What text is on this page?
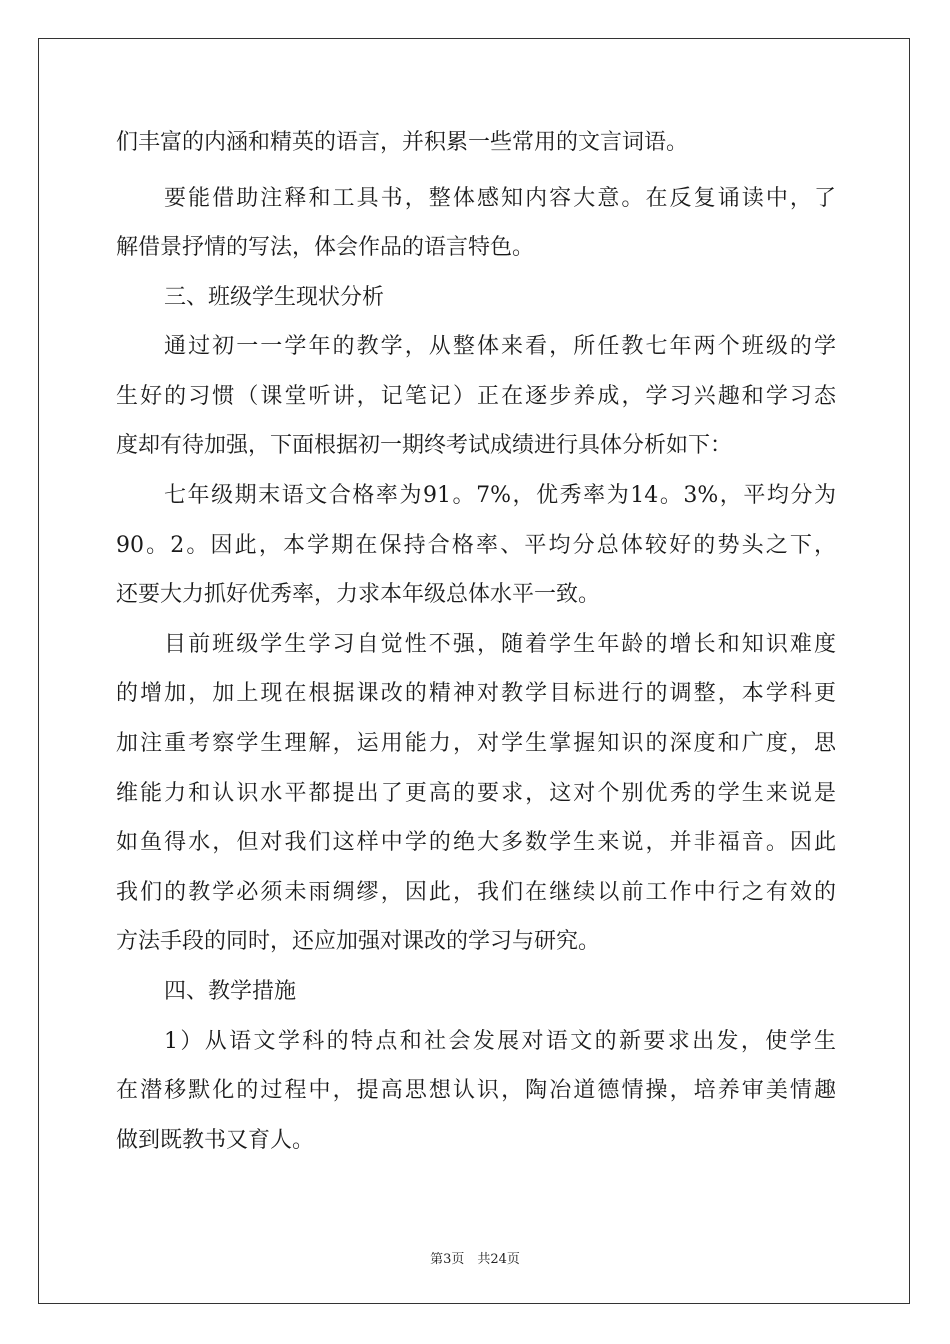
们丰富的内涵和精英的语言，并积累一些常用的文言词语。
要能借助注释和工具书，整体感知内容大意。在反复诵读中，了
解借景抒情的写法，体会作品的语言特色。
三、班级学生现状分析
通过初一一学年的教学，从整体来看，所任教七年两个班级的学
生好的习惯（课堂听讲，记笔记）正在逐步养成，学习兴趣和学习态
度却有待加强，下面根据初一期终考试成绩进行具体分析如下：
七年级期末语文合格率为91。7%，优秀率为14。3%，平均分为
90。2。因此，本学期在保持合格率、平均分总体较好的势头之下，
还要大力抓好优秀率，力求本年级总体水平一致。
目前班级学生学习自觉性不强，随着学生年龄的增长和知识难度
的增加，加上现在根据课改的精神对教学目标进行的调整，本学科更
加注重考察学生理解，运用能力，对学生掌握知识的深度和广度，思
维能力和认识水平都提出了更高的要求，这对个别优秀的学生来说是
如鱼得水，但对我们这样中学的绝大多数学生来说，并非福音。因此
我们的教学必须未雨绸缪，因此，我们在继续以前工作中行之有效的
方法手段的同时，还应加强对课改的学习与研究。
四、教学措施
1）从语文学科的特点和社会发展对语文的新要求出发，使学生
在潜移默化的过程中，提高思想认识，陶冶道德情操，培养审美情趣
做到既教书又育人。
第3页　共24页
